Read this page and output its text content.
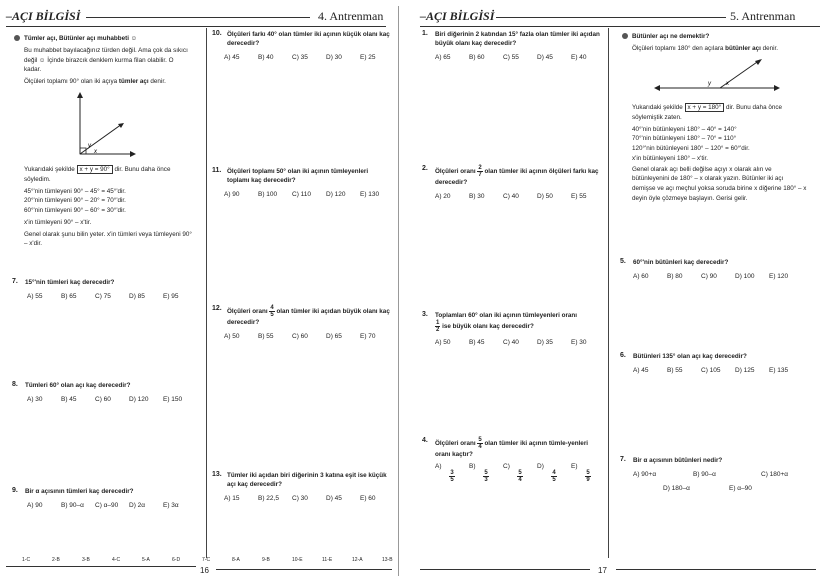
–AÇI BİLGİSİ	4. Antrenman
Tümler açı, Bütünler açı muhabbeti ☺
Bu muhabbet bayılacağınız türden değil. Ama çok da sıkıcı değil ☺ İçinde birazcık denklem kurma filan olabilir. O kadar.
Ölçüleri toplamı 90° olan iki açıya tümler açı denir.
y
x
Yukarıdaki şekilde x + y = 90° dir. Bunu daha önce söyledim.
45°'nin tümleyeni 90° – 45° = 45°'dir.
20°'nin tümleyeni 90° – 20° = 70°'dir.
60°'nin tümleyeni 90° – 60° = 30°'dir.
x'in tümleyeni 90° – x'tir.
Genel olarak şunu bilin yeter. x'in tümleri veya tümleyeni 90° – x'dir.
7.	15°'nin tümleri kaç derecedir?
A) 55	B) 65	C) 75	D) 85	E) 95
8.	Tümleri 60° olan açı kaç derecedir?
A) 30	B) 45	C) 60	D) 120	E) 150
9.	Bir α açısının tümleri kaç derecedir?
A) 90	B) 90–α	C) α–90	D) 2α	E) 3α
10. Ölçüleri farkı 40° olan tümler iki açının küçük olanı kaç derecedir?
A) 45	B) 40	C) 35	D) 30	E) 25
11. Ölçüleri toplamı 50° olan iki açının tümleyenleri toplamı kaç derecedir?
A) 90	B) 100	C) 110	D) 120	E) 130
12. Ölçüleri oranı $\frac{4}{5}$ olan tümler iki açıdan büyük olanı kaç derecedir?
A) 50	B) 55	C) 60	D) 65	E) 70
13. Tümler iki açıdan biri diğerinin 3 katına eşit ise küçük açı kaç derecedir?
A) 15	B) 22,5	C) 30	D) 45	E) 60
1-C	2-B	3-B	4-C	5-A	6-D	7-C	8-A	9-B	10-E	11-E	12-A	13-B
16
–AÇI BİLGİSİ	5. Antrenman
1.	Biri diğerinin 2 katından 15° fazla olan tümler iki açıdan büyük olanı kaç derecedir?
A) 65	B) 60	C) 55	D) 45	E) 40
2.	Ölçüleri oranı $\frac{2}{7}$ olan tümler iki açının ölçüleri farkı kaç derecedir?
A) 20	B) 30	C) 40	D) 50	E) 55
3.	Toplamları 60° olan iki açının tümleyenleri oranı

$\frac{1}{2}$ ise büyük olanı kaç derecedir?
A) 50	B) 45	C) 40	D) 35	E) 30
4.	Ölçüleri oranı $\frac{5}{4}$ olan tümler iki açının tümle-yenleri oranı kaçtır?
A)
$\frac{3}{5}$
B)
$\frac{5}{3}$
C)
$\frac{5}{4}$
D)
$\frac{4}{5}$
E)
$\frac{5}{9}$
Bütünler açı ne demektir?
Ölçüleri toplamı 180° den açılara bütünler açı denir.
y	x
Yukarıdaki şekilde x + y = 180° dir. Bunu daha önce söylemiştik zaten.
40°'nin bütünleyeni 180° – 40° = 140°
70°'nin bütünleyeni 180° – 70° = 110°
120°'nin bütünleyeni 180° – 120° = 60°'dir.
x'in bütünleyeni 180° – x'tir.
Genel olarak açı belli değilse açıyı x olarak alın ve bütünleyenini de 180° – x olarak yazın. Bütünler iki açı demişse ve açı meçhul yoksa soruda birine x diğerine 180° – x deyin öyle çözmeye başlayın. Gerisi gelir.
5.	60°'nin bütünleri kaç derecedir?
A) 60	B) 80	C) 90	D) 100	E) 120
6.	Bütünleri 135° olan açı kaç derecedir?
A) 45	B) 55	C) 105	D) 125	E) 135
7.	Bir α açısının bütünleri nedir?
A) 90+α	B) 90–α	C) 180+α
D) 180–α	E) α–90
17
